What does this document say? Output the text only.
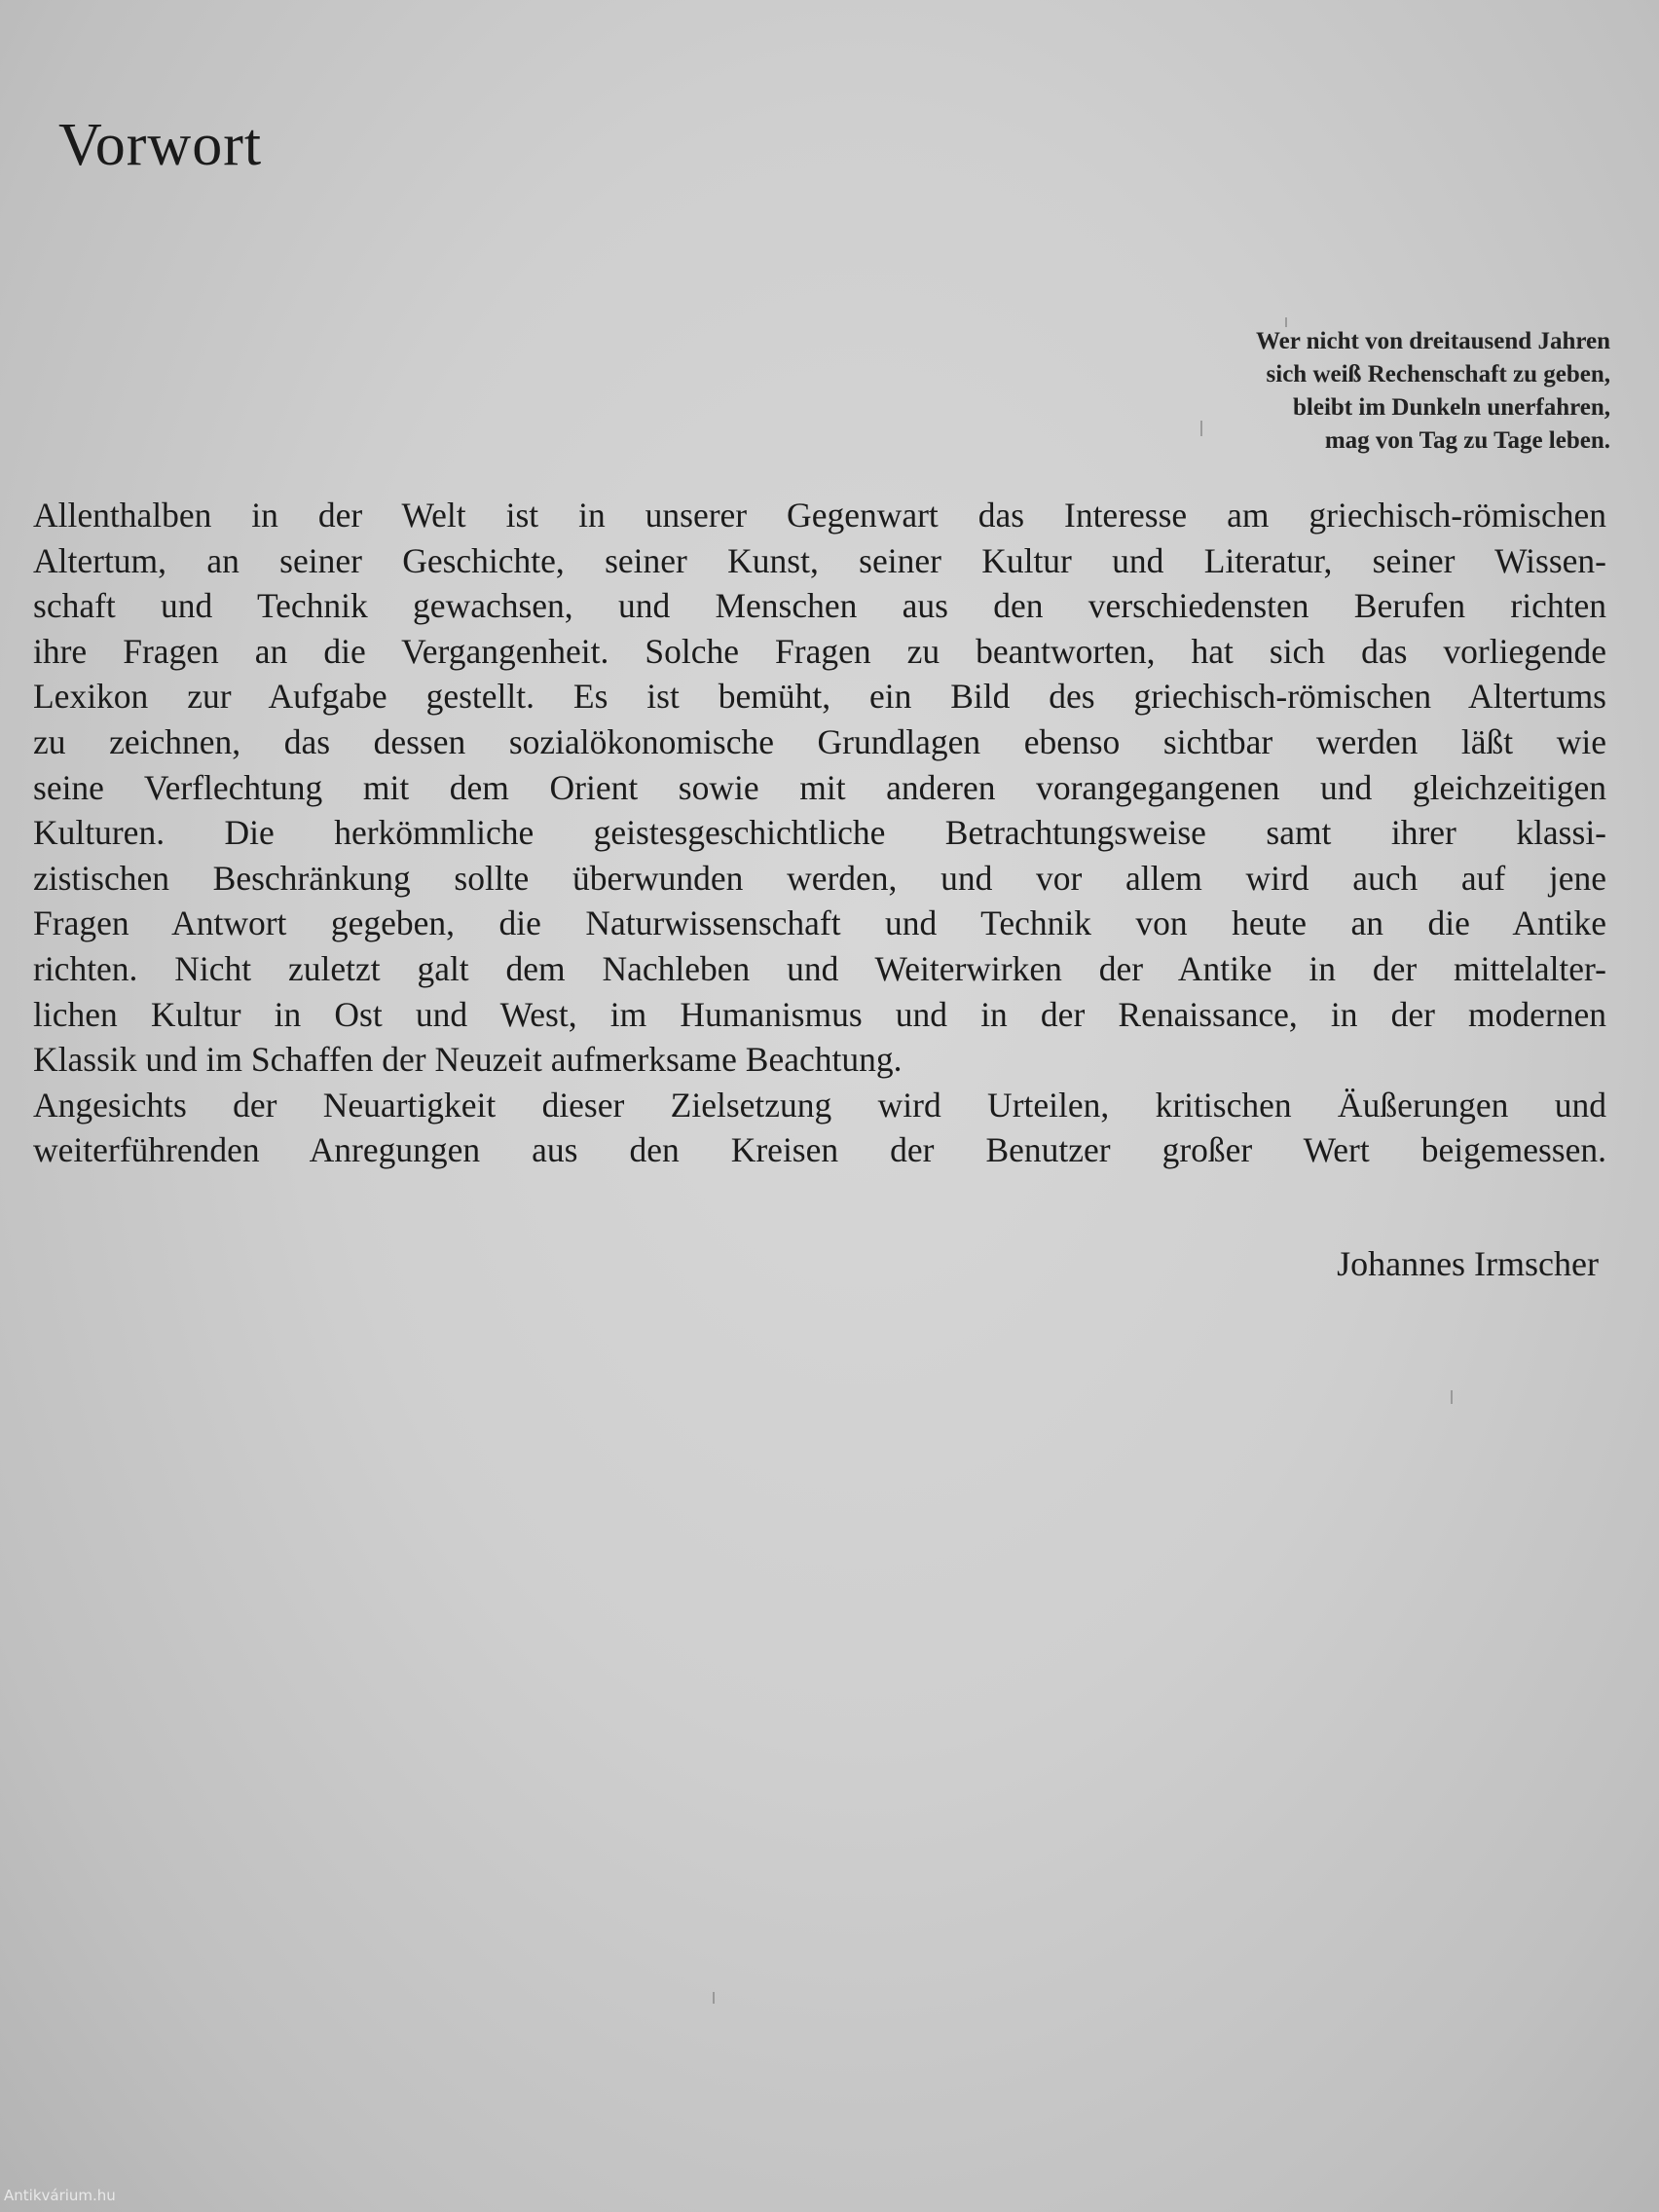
Vorwort
Wer nicht von dreitausend Jahren
sich weiß Rechenschaft zu geben,
bleibt im Dunkeln unerfahren,
mag von Tag zu Tage leben.
Allenthalben in der Welt ist in unserer Gegenwart das Interesse am griechisch-römischen
Altertum, an seiner Geschichte, seiner Kunst, seiner Kultur und Literatur, seiner Wissen-
schaft und Technik gewachsen, und Menschen aus den verschiedensten Berufen richten
ihre Fragen an die Vergangenheit. Solche Fragen zu beantworten, hat sich das vorliegende
Lexikon zur Aufgabe gestellt. Es ist bemüht, ein Bild des griechisch-römischen Altertums
zu zeichnen, das dessen sozialökonomische Grundlagen ebenso sichtbar werden läßt wie
seine Verflechtung mit dem Orient sowie mit anderen vorangegangenen und gleichzeitigen
Kulturen. Die herkömmliche geistesgeschichtliche Betrachtungsweise samt ihrer klassi-
zistischen Beschränkung sollte überwunden werden, und vor allem wird auch auf jene
Fragen Antwort gegeben, die Naturwissenschaft und Technik von heute an die Antike
richten. Nicht zuletzt galt dem Nachleben und Weiterwirken der Antike in der mittelalter-
lichen Kultur in Ost und West, im Humanismus und in der Renaissance, in der modernen
Klassik und im Schaffen der Neuzeit aufmerksame Beachtung.
Angesichts der Neuartigkeit dieser Zielsetzung wird Urteilen, kritischen Äußerungen und
weiterführenden Anregungen aus den Kreisen der Benutzer großer Wert beigemessen.
Johannes Irmscher
Antikvárium.hu
